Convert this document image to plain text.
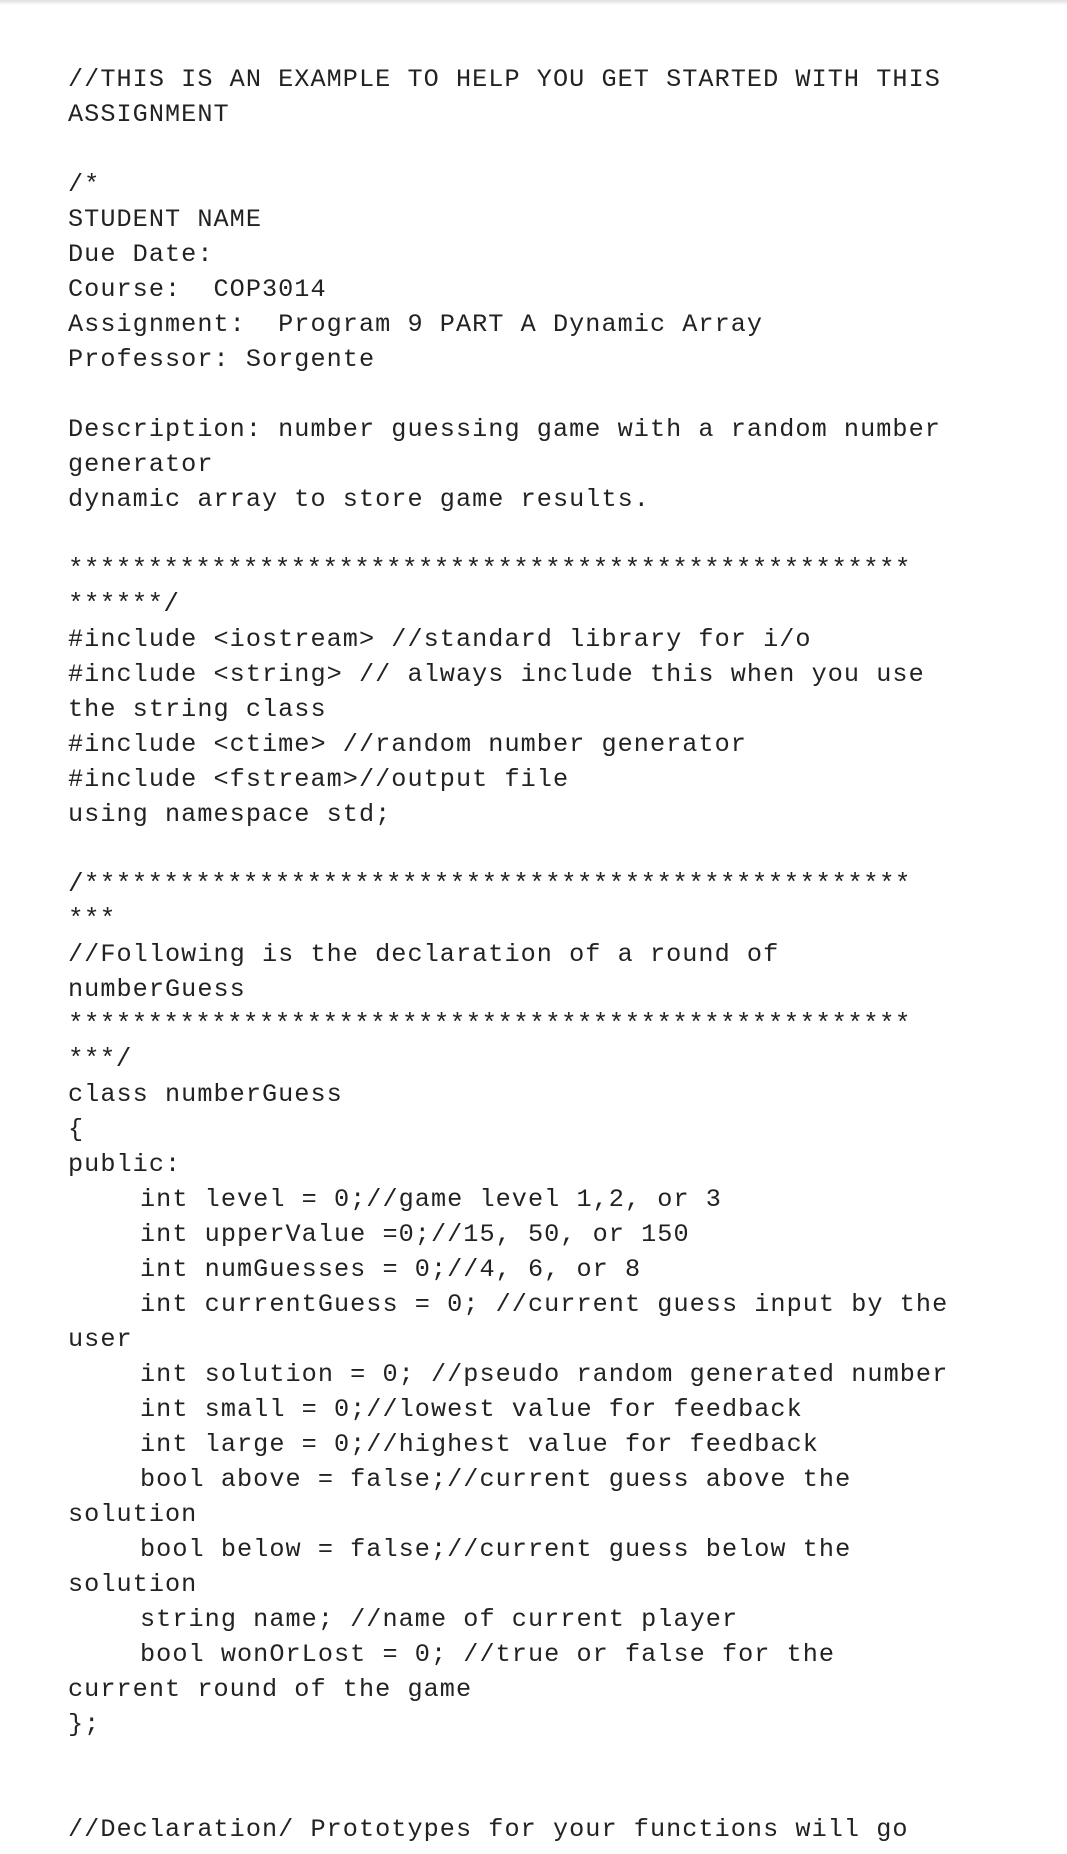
//THIS IS AN EXAMPLE TO HELP YOU GET STARTED WITH THIS
ASSIGNMENT
/*
STUDENT NAME
Due Date:
Course:  COP3014
Assignment:  Program 9 PART A Dynamic Array
Professor: Sorgente
Description: number guessing game with a random number
generator
dynamic array to store game results.
*****************************************************
******/
#include <iostream> //standard library for i/o
#include <string> // always include this when you use
the string class
#include <ctime> //random number generator
#include <fstream>//output file
using namespace std;
/****************************************************
***
//Following is the declaration of a round of
numberGuess
*****************************************************
***/
class numberGuess
{
public:
int level = 0;//game level 1,2, or 3
int upperValue =0;//15, 50, or 150
int numGuesses = 0;//4, 6, or 8
int currentGuess = 0; //current guess input by the
user
int solution = 0; //pseudo random generated number
int small = 0;//lowest value for feedback
int large = 0;//highest value for feedback
bool above = false;//current guess above the
solution
bool below = false;//current guess below the
solution
string name; //name of current player
bool wonOrLost = 0; //true or false for the
current round of the game
};
//Declaration/ Prototypes for your functions will go
